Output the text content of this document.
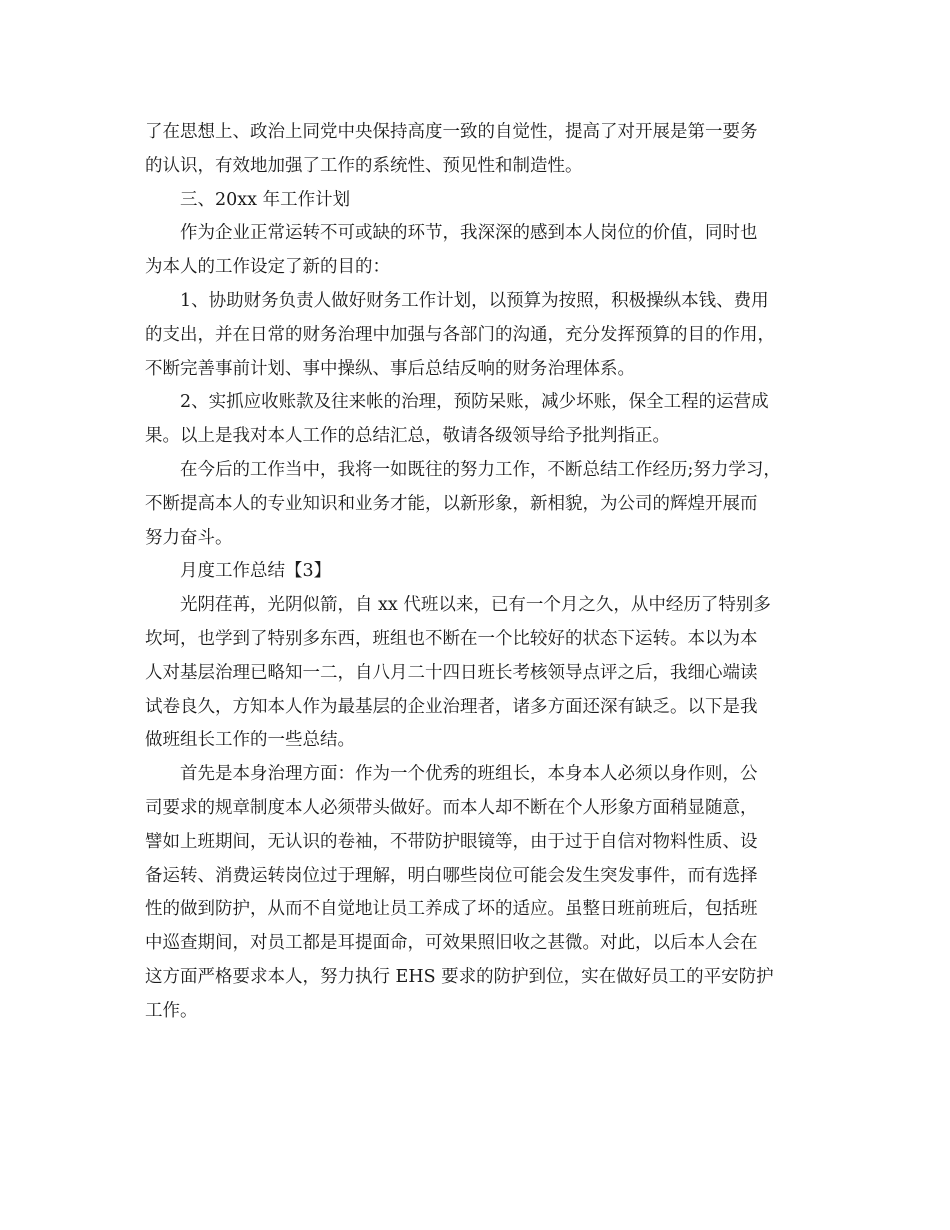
了在思想上、政治上同党中央保持高度一致的自觉性，提高了对开展是第一要务
的认识，有效地加强了工作的系统性、预见性和制造性。
三、20xx 年工作计划
作为企业正常运转不可或缺的环节，我深深的感到本人岗位的价值，同时也
为本人的工作设定了新的目的：
1、协助财务负责人做好财务工作计划，以预算为按照，积极操纵本钱、费用
的支出，并在日常的财务治理中加强与各部门的沟通，充分发挥预算的目的作用，
不断完善事前计划、事中操纵、事后总结反响的财务治理体系。
2、实抓应收账款及往来帐的治理，预防呆账，减少坏账，保全工程的运营成
果。以上是我对本人工作的总结汇总，敬请各级领导给予批判指正。
在今后的工作当中，我将一如既往的努力工作，不断总结工作经历;努力学习，
不断提高本人的专业知识和业务才能，以新形象，新相貌，为公司的辉煌开展而
努力奋斗。
月度工作总结【3】
光阴荏苒，光阴似箭，自 xx 代班以来，已有一个月之久，从中经历了特别多
坎坷，也学到了特别多东西，班组也不断在一个比较好的状态下运转。本以为本
人对基层治理已略知一二，自八月二十四日班长考核领导点评之后，我细心端读
试卷良久，方知本人作为最基层的企业治理者，诸多方面还深有缺乏。以下是我
做班组长工作的一些总结。
首先是本身治理方面：作为一个优秀的班组长，本身本人必须以身作则，公
司要求的规章制度本人必须带头做好。而本人却不断在个人形象方面稍显随意，
譬如上班期间，无认识的卷袖，不带防护眼镜等，由于过于自信对物料性质、设
备运转、消费运转岗位过于理解，明白哪些岗位可能会发生突发事件，而有选择
性的做到防护，从而不自觉地让员工养成了坏的适应。虽整日班前班后，包括班
中巡查期间，对员工都是耳提面命，可效果照旧收之甚微。对此，以后本人会在
这方面严格要求本人，努力执行 EHS 要求的防护到位，实在做好员工的平安防护
工作。
